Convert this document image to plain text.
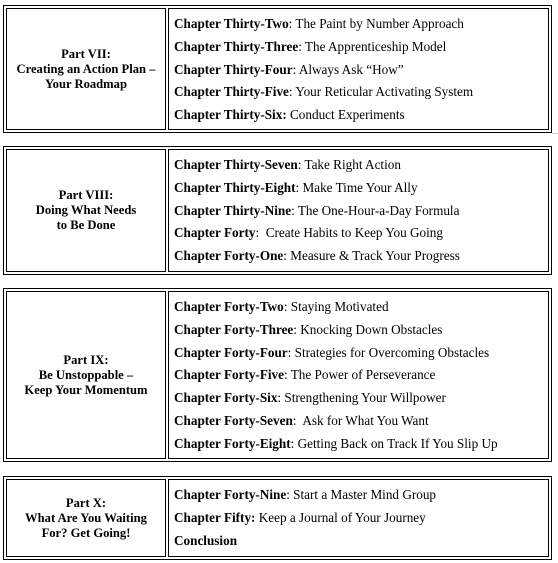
Part VII:
Creating an Action Plan –
Your Roadmap
Chapter Thirty-Two: The Paint by Number Approach
Chapter Thirty-Three: The Apprenticeship Model
Chapter Thirty-Four: Always Ask “How”
Chapter Thirty-Five: Your Reticular Activating System
Chapter Thirty-Six: Conduct Experiments
Part VIII:
Doing What Needs
to Be Done
Chapter Thirty-Seven: Take Right Action
Chapter Thirty-Eight: Make Time Your Ally
Chapter Thirty-Nine: The One-Hour-a-Day Formula
Chapter Forty:  Create Habits to Keep You Going
Chapter Forty-One: Measure & Track Your Progress
Part IX:
Be Unstoppable –
Keep Your Momentum
Chapter Forty-Two: Staying Motivated
Chapter Forty-Three: Knocking Down Obstacles
Chapter Forty-Four: Strategies for Overcoming Obstacles
Chapter Forty-Five: The Power of Perseverance
Chapter Forty-Six: Strengthening Your Willpower
Chapter Forty-Seven:  Ask for What You Want
Chapter Forty-Eight: Getting Back on Track If You Slip Up
Part X:
What Are You Waiting
For? Get Going!
Chapter Forty-Nine: Start a Master Mind Group
Chapter Fifty: Keep a Journal of Your Journey
Conclusion
